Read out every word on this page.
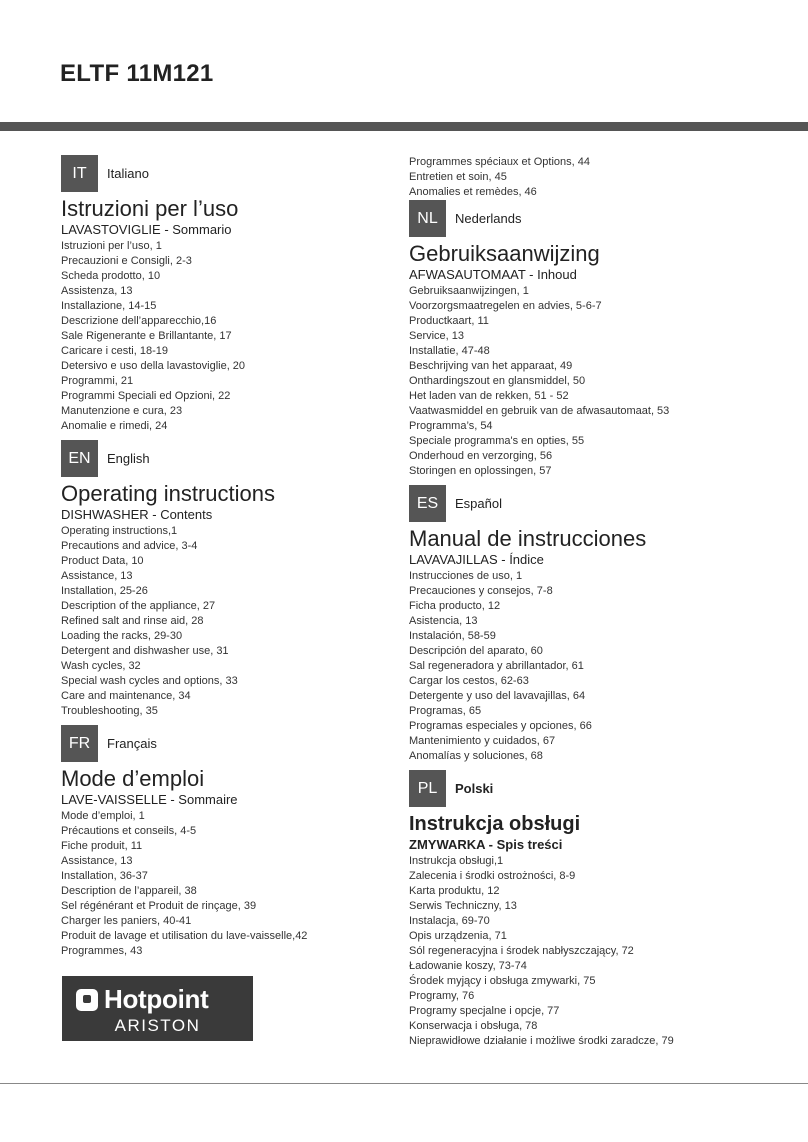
ELTF 11M121
IT	Italiano
Istruzioni per l’uso
LAVASTOVIGLIE - Sommario
Istruzioni per l’uso, 1
Precauzioni e Consigli, 2-3
Scheda prodotto, 10
Assistenza, 13
Installazione, 14-15
Descrizione dell’apparecchio,16
Sale Rigenerante e Brillantante, 17
Caricare i cesti, 18-19
Detersivo e uso della lavastoviglie, 20
Programmi, 21
Programmi Speciali ed Opzioni, 22
Manutenzione e cura, 23
Anomalie e rimedi, 24
EN	English
Operating instructions
DISHWASHER - Contents
Operating instructions,1
Precautions and advice, 3-4
Product Data, 10
Assistance, 13
Installation, 25-26
Description of the appliance, 27
Refined salt and rinse aid, 28
Loading the racks, 29-30
Detergent and dishwasher use, 31
Wash cycles, 32
Special wash cycles and options, 33
Care and maintenance, 34
Troubleshooting, 35
FR	Français
Mode d’emploi
LAVE-VAISSELLE - Sommaire
Mode d’emploi, 1
Précautions et conseils, 4-5
Fiche produit, 11
Assistance, 13
Installation, 36-37
Description de l’appareil, 38
Sel régénérant et Produit de rinçage, 39
Charger les paniers, 40-41
Produit de lavage et utilisation du lave-vaisselle,42
Programmes, 43
Programmes spéciaux et Options, 44
Entretien et soin, 45
Anomalies et remèdes, 46
NL	Nederlands
Gebruiksaanwijzing
AFWASAUTOMAAT - Inhoud
Gebruiksaanwijzingen, 1
Voorzorgsmaatregelen en advies, 5-6-7
Productkaart, 11
Service, 13
Installatie, 47-48
Beschrijving van het apparaat, 49
Onthardingszout en glansmiddel, 50
Het laden van de rekken, 51 - 52
Vaatwasmiddel en gebruik van de afwasautomaat, 53
Programma’s, 54
Speciale programma's en opties, 55
Onderhoud en verzorging, 56
Storingen en oplossingen, 57
ES	Español
Manual de instrucciones
LAVAVAJILLAS - Índice
Instrucciones de uso, 1
Precauciones y consejos, 7-8
Ficha producto, 12
Asistencia, 13
Instalación, 58-59
Descripción del aparato, 60
Sal regeneradora y abrillantador, 61
Cargar los cestos, 62-63
Detergente y uso del lavavajillas, 64
Programas, 65
Programas especiales y opciones, 66
Mantenimiento y cuidados, 67
Anomalías y soluciones, 68
PL	Polski
Instrukcja obsługi
ZMYWARKA - Spis treści
Instrukcja obsługi,1
Zalecenia i środki ostrożności, 8-9
Karta produktu, 12
Serwis Techniczny, 13
Instalacja, 69-70
Opis urządzenia, 71
Sól regeneracyjna i środek nabłyszczający, 72
Ładowanie koszy, 73-74
Środek myjący i obsługa zmywarki, 75
Programy, 76
Programy specjalne i opcje, 77
Konserwacja i obsługa, 78
Nieprawidłowe działanie i możliwe środki zaradcze, 79
Hotpoint
ARISTON
